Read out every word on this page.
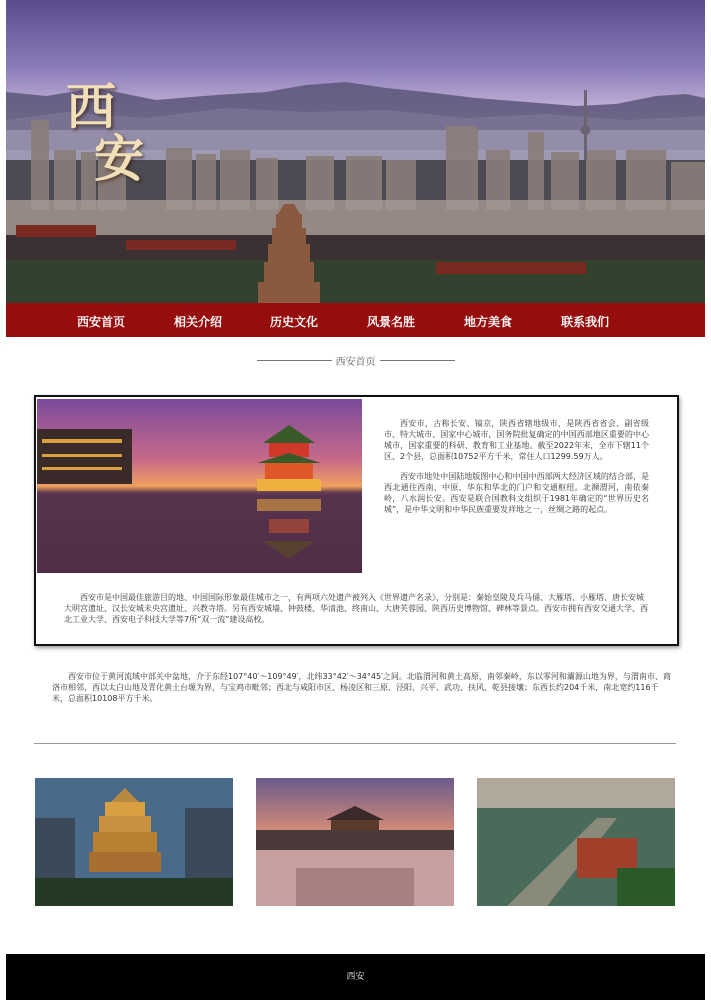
西
安
西安首页	相关介绍	历史文化	风景名胜	地方美食	联系我们
西安首页

西安市，古称长安、镐京，陕西省辖地级市，是陕西省省会、副省级市、特大城市、国家中心城市，国务院批复确定的中国西部地区重要的中心城市，国家重要的科研、教育和工业基地。截至2022年末，全市下辖11个区、2个县，总面积10752平方千米，常住人口1299.59万人。

西安市地处中国陆地版图中心和中国中西部两大经济区域的结合部，是西北通往西南、中原、华东和华北的门户和交通枢纽。北濒渭河，南依秦岭，八水润长安。西安是联合国教科文组织于1981年确定的“世界历史名城”，是中华文明和中华民族重要发祥地之一，丝绸之路的起点。

西安市是中国最佳旅游目的地、中国国际形象最佳城市之一，有两项六处遗产被列入《世界遗产名录》，分别是：秦始皇陵及兵马俑、大雁塔、小雁塔、唐长安城大明宫遗址、汉长安城未央宫遗址、兴教寺塔。另有西安城墙、钟鼓楼、华清池、终南山、大唐芙蓉园、陕西历史博物馆、碑林等景点。西安市拥有西安交通大学、西北工业大学、西安电子科技大学等7所“双一流”建设高校。
西安市位于黄河流域中部关中盆地，介于东经107°40′～109°49′，北纬33°42′～34°45′之间。北临渭河和黄土高原，南邻秦岭，东以零河和灞源山地为界，与渭南市、商洛市相邻，西以太白山地及青化黄土台塬为界，与宝鸡市毗邻；西北与咸阳市区、杨凌区和三原、泾阳、兴平、武功、扶风、乾县接壤；东西长约204千米，南北宽约116千米，总面积10108平方千米。
西安
